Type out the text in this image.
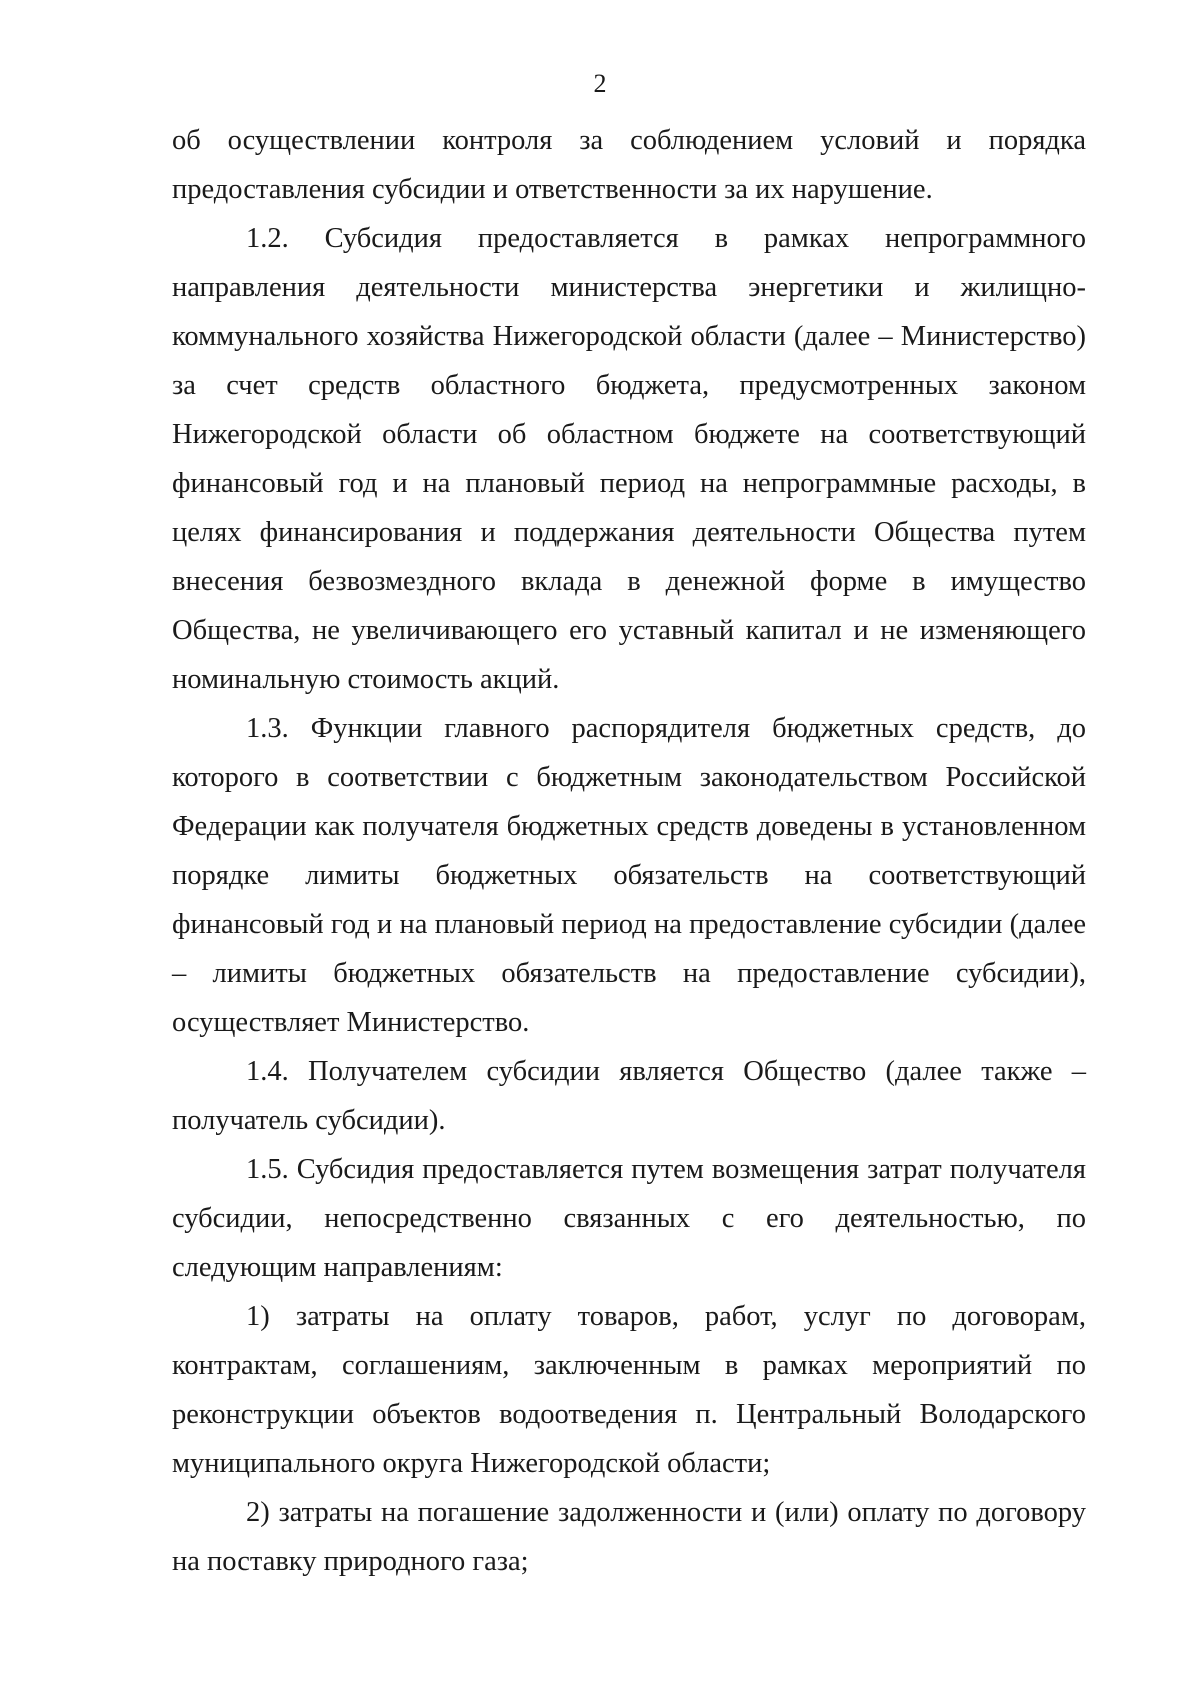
2

об осуществлении контроля за соблюдением условий и порядка предоставления субсидии и ответственности за их нарушение.

1.2. Субсидия предоставляется в рамках непрограммного направления деятельности министерства энергетики и жилищно-коммунального хозяйства Нижегородской области (далее – Министерство) за счет средств областного бюджета, предусмотренных законом Нижегородской области об областном бюджете на соответствующий финансовый год и на плановый период на непрограммные расходы, в целях финансирования и поддержания деятельности Общества путем внесения безвозмездного вклада в денежной форме в имущество Общества, не увеличивающего его уставный капитал и не изменяющего номинальную стоимость акций.

1.3. Функции главного распорядителя бюджетных средств, до которого в соответствии с бюджетным законодательством Российской Федерации как получателя бюджетных средств доведены в установленном порядке лимиты бюджетных обязательств на соответствующий финансовый год и на плановый период на предоставление субсидии (далее – лимиты бюджетных обязательств на предоставление субсидии), осуществляет Министерство.

1.4. Получателем субсидии является Общество (далее также – получатель субсидии).

1.5. Субсидия предоставляется путем возмещения затрат получателя субсидии, непосредственно связанных с его деятельностью, по следующим направлениям:

1) затраты на оплату товаров, работ, услуг по договорам, контрактам, соглашениям, заключенным в рамках мероприятий по реконструкции объектов водоотведения п. Центральный Володарского муниципального округа Нижегородской области;

2) затраты на погашение задолженности и (или) оплату по договору на поставку природного газа;
